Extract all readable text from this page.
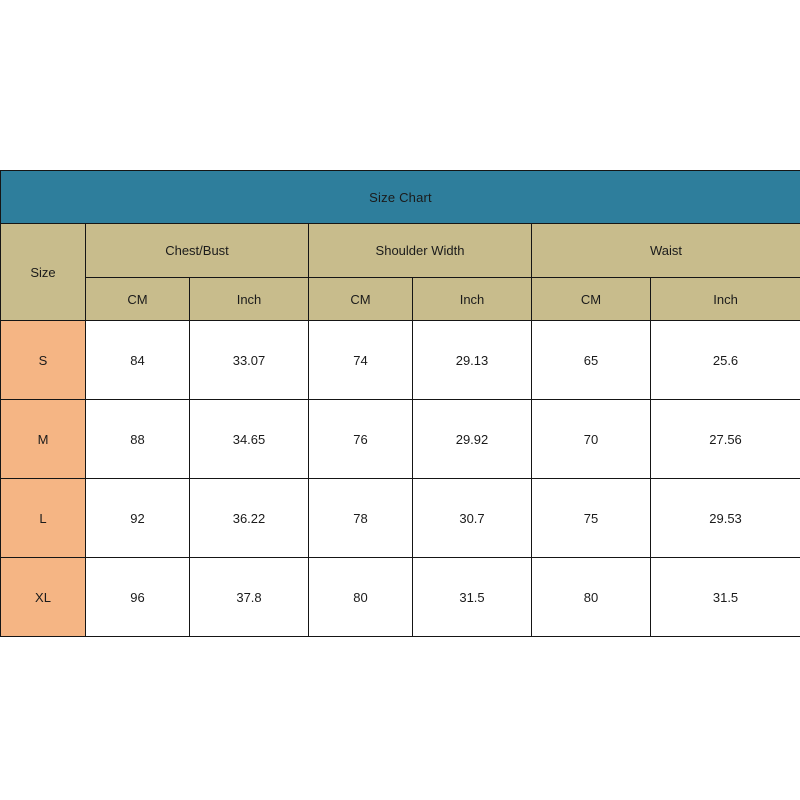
Size Chart						
Size	Chest/Bust		Shoulder Width		Waist	
	CM	Inch	CM	Inch	CM	Inch
S	84	33.07	74	29.13	65	25.6
M	88	34.65	76	29.92	70	27.56
L	92	36.22	78	30.7	75	29.53
XL	96	37.8	80	31.5	80	31.5
